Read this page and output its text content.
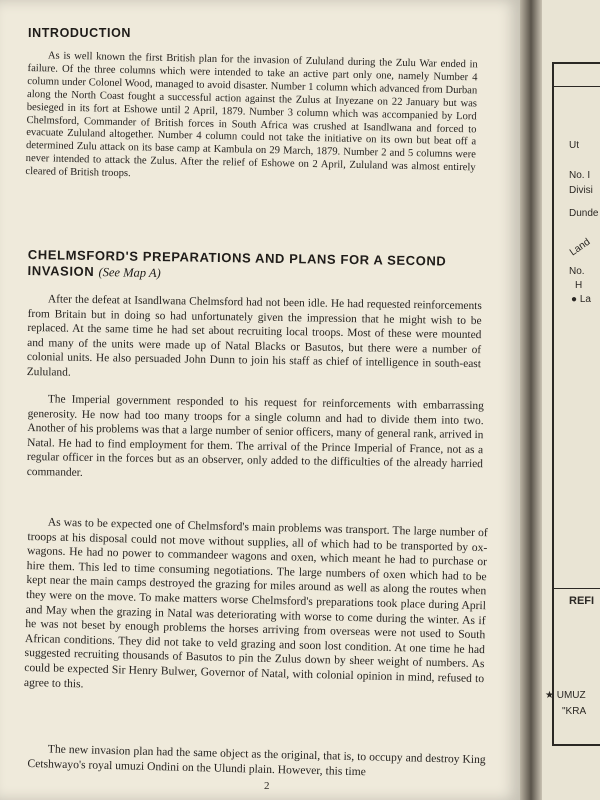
INTRODUCTION

As is well known the first British plan for the invasion of Zululand during the Zulu War ended in failure. Of the three columns which were intended to take an active part only one, namely Number 4 column under Colonel Wood, managed to avoid disaster. Number 1 column which advanced from Durban along the North Coast fought a successful action against the Zulus at Inyezane on 22 January but was besieged in its fort at Eshowe until 2 April, 1879. Number 3 column which was accompanied by Lord Chelmsford, Commander of British forces in South Africa was crushed at Isandlwana and forced to evacuate Zululand altogether. Number 4 column could not take the initiative on its own but beat off a determined Zulu attack on its base camp at Kambula on 29 March, 1879. Number 2 and 5 columns were never intended to attack the Zulus. After the relief of Eshowe on 2 April, Zululand was almost entirely cleared of British troops.

CHELMSFORD'S PREPARATIONS AND PLANS FOR A SECOND INVASION (See Map A)

After the defeat at Isandlwana Chelmsford had not been idle. He had requested reinforcements from Britain but in doing so had unfortunately given the impression that he might wish to be replaced. At the same time he had set about recruiting local troops. Most of these were mounted and many of the units were made up of Natal Blacks or Basutos, but there were a number of colonial units. He also persuaded John Dunn to join his staff as chief of intelligence in south-east Zululand.

The Imperial government responded to his request for reinforcements with embarrassing generosity. He now had too many troops for a single column and had to divide them into two. Another of his problems was that a large number of senior officers, many of general rank, arrived in Natal. He had to find employment for them. The arrival of the Prince Imperial of France, not as a regular officer in the forces but as an observer, only added to the difficulties of the already harried commander.

As was to be expected one of Chelmsford's main problems was transport. The large number of troops at his disposal could not move without supplies, all of which had to be transported by ox-wagons. He had no power to commandeer wagons and oxen, which meant he had to purchase or hire them. This led to time consuming negotiations. The large numbers of oxen which had to be kept near the main camps destroyed the grazing for miles around as well as along the routes when they were on the move. To make matters worse Chelmsford's preparations took place during April and May when the grazing in Natal was deteriorating with worse to come during the winter. As if he was not beset by enough problems the horses arriving from overseas were not used to South African conditions. They did not take to veld grazing and soon lost condition. At one time he had suggested recruiting thousands of Basutos to pin the Zulus down by sheer weight of numbers. As could be expected Sir Henry Bulwer, Governor of Natal, with colonial opinion in mind, refused to agree to this.

The new invasion plan had the same object as the original, that is, to occupy and destroy King Cetshwayo's royal umuzi Ondini on the Ulundi plain. However, this time

2
Ut
No. I
Divisi
Dunde
Land
No.
H
● La
REFI
★ UMUZ
"KRA
